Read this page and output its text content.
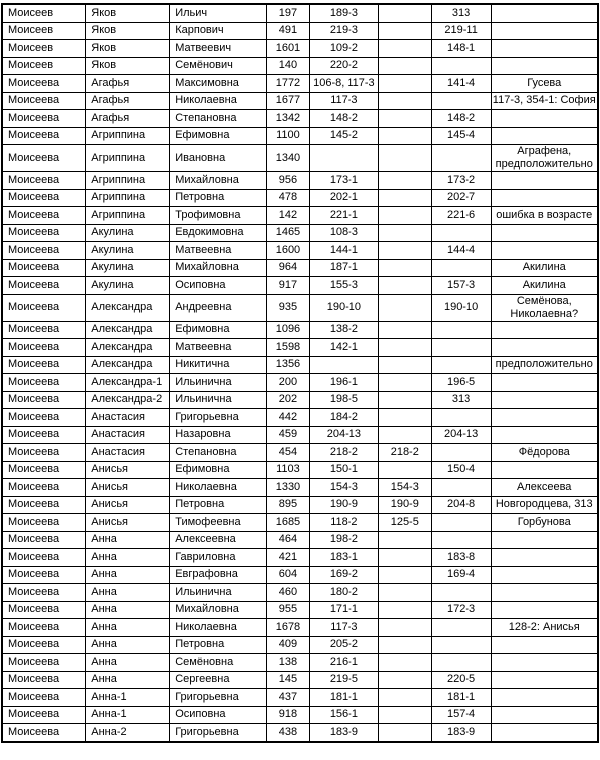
Моисеев	Яков	Ильич	197	189-3		313	
Моисеев	Яков	Карпович	491	219-3		219-11	
Моисеев	Яков	Матвеевич	1601	109-2		148-1	
Моисеев	Яков	Семёнович	140	220-2			
Моисеева	Агафья	Максимовна	1772	106-8, 117-3		141-4	Гусева
Моисеева	Агафья	Николаевна	1677	117-3			117-3, 354-1: София
Моисеева	Агафья	Степановна	1342	148-2		148-2	
Моисеева	Агриппина	Ефимовна	1100	145-2		145-4	
Моисеева	Агриппина	Ивановна	1340				Аграфена, предположительно
Моисеева	Агриппина	Михайловна	956	173-1		173-2	
Моисеева	Агриппина	Петровна	478	202-1		202-7	
Моисеева	Агриппина	Трофимовна	142	221-1		221-6	ошибка в возрасте
Моисеева	Акулина	Евдокимовна	1465	108-3			
Моисеева	Акулина	Матвеевна	1600	144-1		144-4	
Моисеева	Акулина	Михайловна	964	187-1			Акилина
Моисеева	Акулина	Осиповна	917	155-3		157-3	Акилина
Моисеева	Александра	Андреевна	935	190-10		190-10	Семёнова, Николаевна?
Моисеева	Александра	Ефимовна	1096	138-2			
Моисеева	Александра	Матвеевна	1598	142-1			
Моисеева	Александра	Никитична	1356				предположительно
Моисеева	Александра-1	Ильинична	200	196-1		196-5	
Моисеева	Александра-2	Ильинична	202	198-5		313	
Моисеева	Анастасия	Григорьевна	442	184-2			
Моисеева	Анастасия	Назаровна	459	204-13		204-13	
Моисеева	Анастасия	Степановна	454	218-2	218-2		Фёдорова
Моисеева	Анисья	Ефимовна	1103	150-1		150-4	
Моисеева	Анисья	Николаевна	1330	154-3	154-3		Алексеева
Моисеева	Анисья	Петровна	895	190-9	190-9	204-8	Новгородцева, 313
Моисеева	Анисья	Тимофеевна	1685	118-2	125-5		Горбунова
Моисеева	Анна	Алексеевна	464	198-2			
Моисеева	Анна	Гавриловна	421	183-1		183-8	
Моисеева	Анна	Евграфовна	604	169-2		169-4	
Моисеева	Анна	Ильинична	460	180-2			
Моисеева	Анна	Михайловна	955	171-1		172-3	
Моисеева	Анна	Николаевна	1678	117-3			128-2: Анисья
Моисеева	Анна	Петровна	409	205-2			
Моисеева	Анна	Семёновна	138	216-1			
Моисеева	Анна	Сергеевна	145	219-5		220-5	
Моисеева	Анна-1	Григорьевна	437	181-1		181-1	
Моисеева	Анна-1	Осиповна	918	156-1		157-4	
Моисеева	Анна-2	Григорьевна	438	183-9		183-9	
